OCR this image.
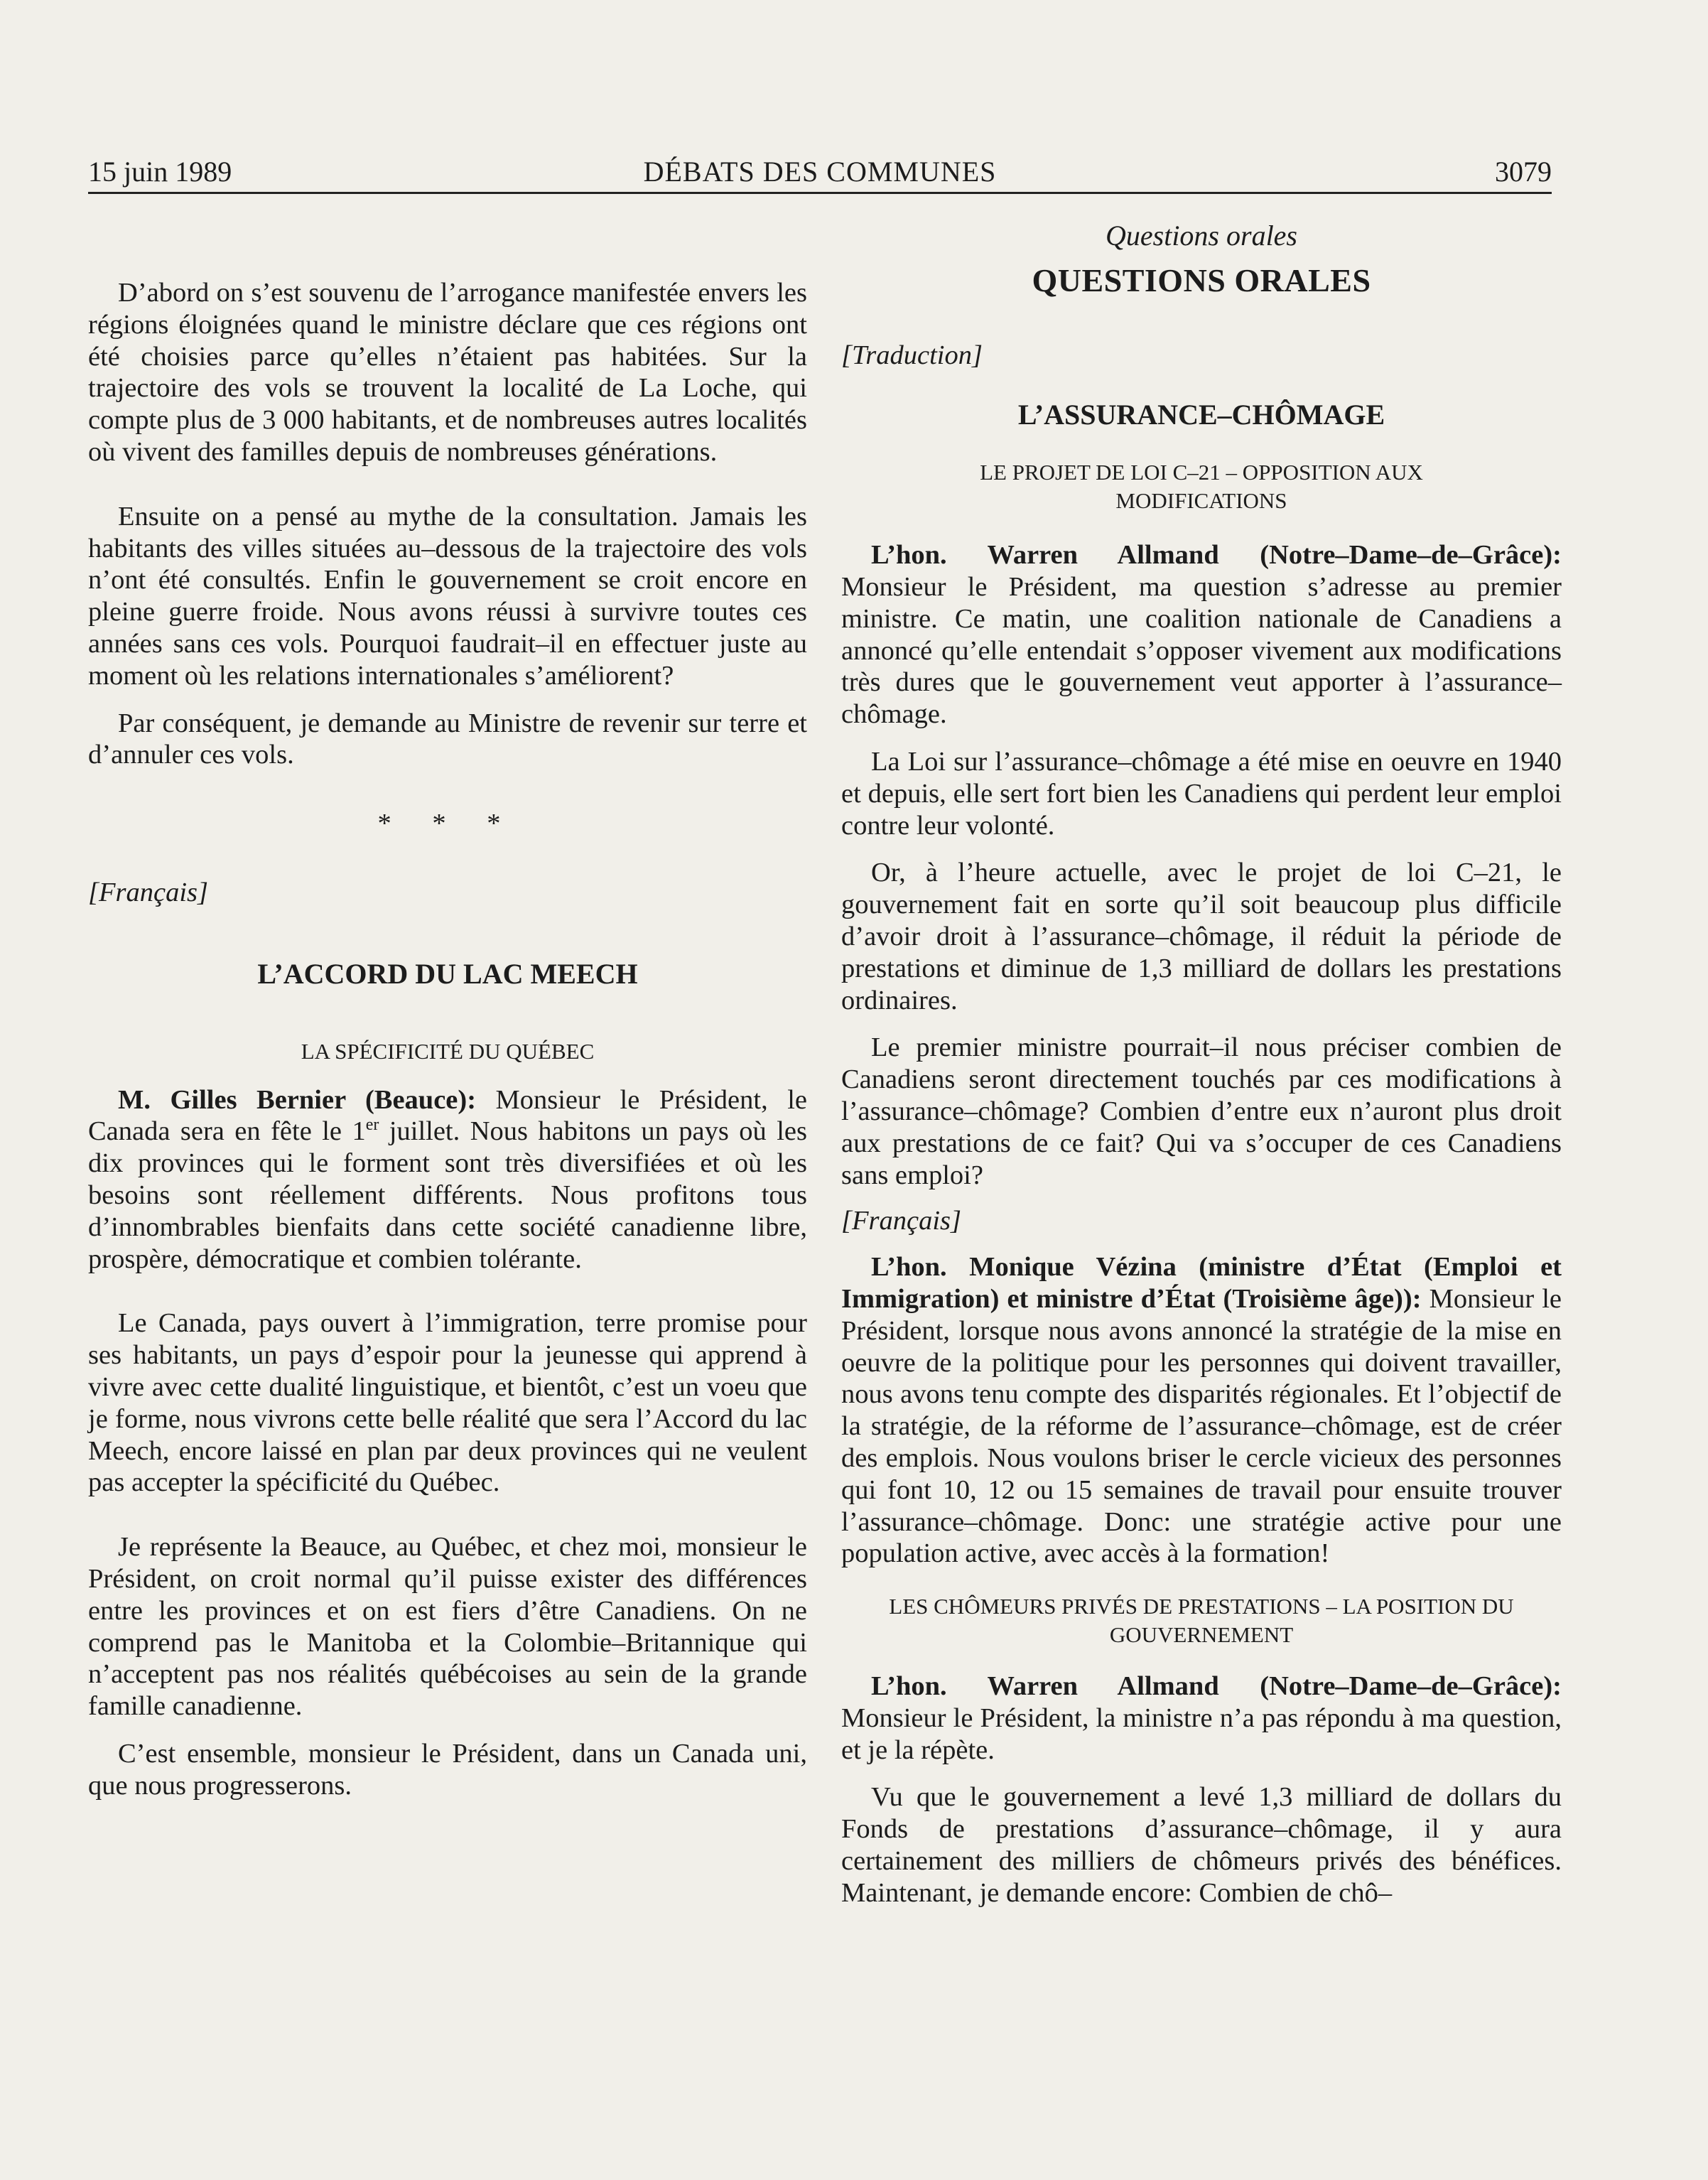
15 juin 1989	DÉBATS DES COMMUNES	3079

D’abord on s’est souvenu de l’arrogance manifestée envers les régions éloignées quand le ministre déclare que ces régions ont été choisies parce qu’elles n’étaient pas habitées. Sur la trajectoire des vols se trouvent la localité de La Loche, qui compte plus de 3 000 habitants, et de nombreuses autres localités où vivent des familles depuis de nombreuses générations.

Ensuite on a pensé au mythe de la consultation. Jamais les habitants des villes situées au–dessous de la trajectoire des vols n’ont été consultés. Enfin le gouvernement se croit encore en pleine guerre froide. Nous avons réussi à survivre toutes ces années sans ces vols. Pourquoi faudrait–il en effectuer juste au moment où les relations internationales s’améliorent?

Par conséquent, je demande au Ministre de revenir sur terre et d’annuler ces vols.

* * *

[Français]

L’ACCORD DU LAC MEECH

LA SPÉCIFICITÉ DU QUÉBEC

M. Gilles Bernier (Beauce): Monsieur le Président, le Canada sera en fête le 1er juillet. Nous habitons un pays où les dix provinces qui le forment sont très diversifiées et où les besoins sont réellement différents. Nous profitons tous d’innombrables bienfaits dans cette société canadienne libre, prospère, démocratique et combien tolérante.

Le Canada, pays ouvert à l’immigration, terre promise pour ses habitants, un pays d’espoir pour la jeunesse qui apprend à vivre avec cette dualité linguistique, et bientôt, c’est un voeu que je forme, nous vivrons cette belle réalité que sera l’Accord du lac Meech, encore laissé en plan par deux provinces qui ne veulent pas accepter la spécificité du Québec.

Je représente la Beauce, au Québec, et chez moi, monsieur le Président, on croit normal qu’il puisse exister des différences entre les provinces et on est fiers d’être Canadiens. On ne comprend pas le Manitoba et la Colombie–Britannique qui n’acceptent pas nos réalités québécoises au sein de la grande famille canadienne.

C’est ensemble, monsieur le Président, dans un Canada uni, que nous progresserons.

Questions orales

QUESTIONS ORALES

[Traduction]

L’ASSURANCE–CHÔMAGE

LE PROJET DE LOI C–21 – OPPOSITION AUX MODIFICATIONS

L’hon. Warren Allmand (Notre–Dame–de–Grâce): Monsieur le Président, ma question s’adresse au premier ministre. Ce matin, une coalition nationale de Canadiens a annoncé qu’elle entendait s’opposer vivement aux modifications très dures que le gouvernement veut apporter à l’assurance–chômage.

La Loi sur l’assurance–chômage a été mise en oeuvre en 1940 et depuis, elle sert fort bien les Canadiens qui perdent leur emploi contre leur volonté.

Or, à l’heure actuelle, avec le projet de loi C–21, le gouvernement fait en sorte qu’il soit beaucoup plus difficile d’avoir droit à l’assurance–chômage, il réduit la période de prestations et diminue de 1,3 milliard de dollars les prestations ordinaires.

Le premier ministre pourrait–il nous préciser combien de Canadiens seront directement touchés par ces modifications à l’assurance–chômage? Combien d’entre eux n’auront plus droit aux prestations de ce fait? Qui va s’occuper de ces Canadiens sans emploi?

[Français]

L’hon. Monique Vézina (ministre d’État (Emploi et Immigration) et ministre d’État (Troisième âge)): Monsieur le Président, lorsque nous avons annoncé la stratégie de la mise en oeuvre de la politique pour les personnes qui doivent travailler, nous avons tenu compte des disparités régionales. Et l’objectif de la stratégie, de la réforme de l’assurance–chômage, est de créer des emplois. Nous voulons briser le cercle vicieux des personnes qui font 10, 12 ou 15 semaines de travail pour ensuite trouver l’assurance–chômage. Donc: une stratégie active pour une population active, avec accès à la formation!

LES CHÔMEURS PRIVÉS DE PRESTATIONS – LA POSITION DU GOUVERNEMENT

L’hon. Warren Allmand (Notre–Dame–de–Grâce): Monsieur le Président, la ministre n’a pas répondu à ma question, et je la répète.

Vu que le gouvernement a levé 1,3 milliard de dollars du Fonds de prestations d’assurance–chômage, il y aura certainement des milliers de chômeurs privés des bénéfices. Maintenant, je demande encore: Combien de chô–
